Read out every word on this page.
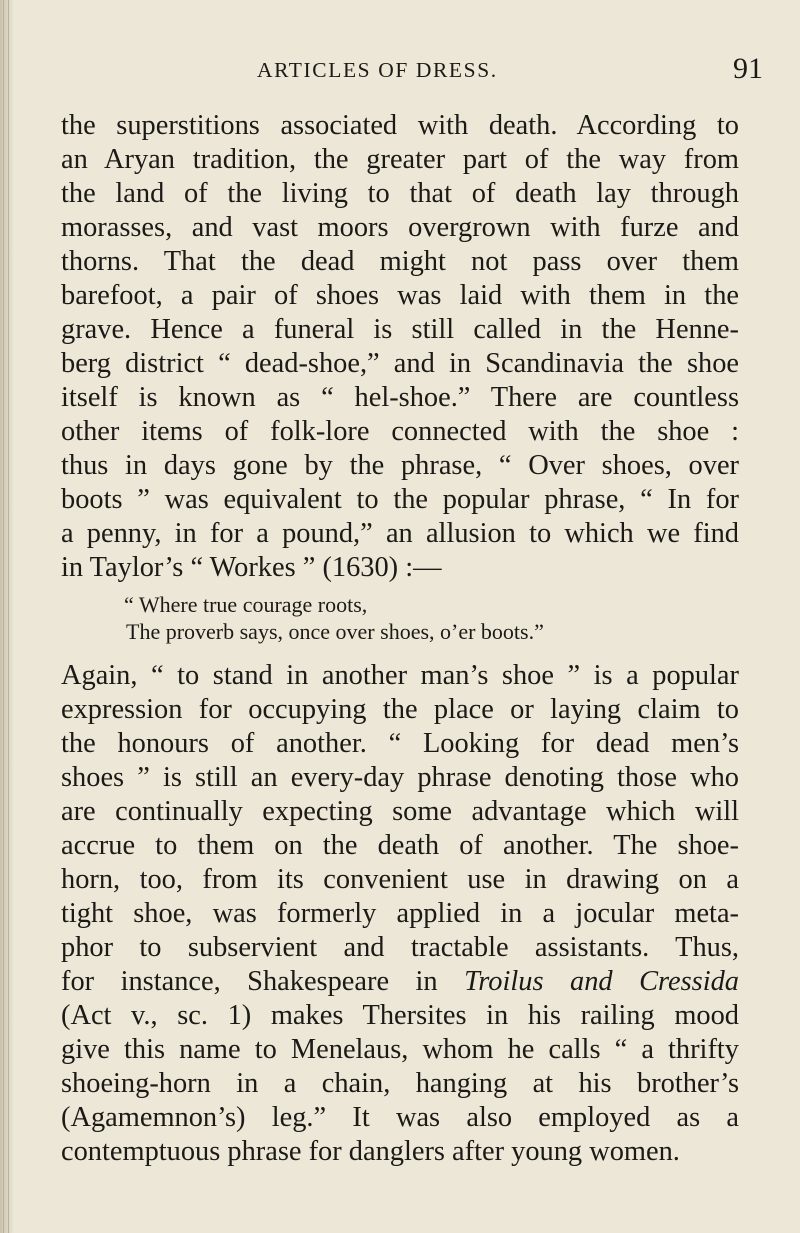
ARTICLES OF DRESS.	91
the superstitions associated with death. According to
an Aryan tradition, the greater part of the way from
the land of the living to that of death lay through
morasses, and vast moors overgrown with furze and
thorns. That the dead might not pass over them
barefoot, a pair of shoes was laid with them in the
grave. Hence a funeral is still called in the Henne-
berg district “ dead-shoe,” and in Scandinavia the shoe
itself is known as “ hel-shoe.” There are countless
other items of folk-lore connected with the shoe :
thus in days gone by the phrase, “ Over shoes, over
boots ” was equivalent to the popular phrase, “ In for
a penny, in for a pound,” an allusion to which we find
in Taylor’s “ Workes ” (1630) :—
“ Where true courage roots,
The proverb says, once over shoes, o’er boots.”
Again, “ to stand in another man’s shoe ” is a popular
expression for occupying the place or laying claim to
the honours of another. “ Looking for dead men’s
shoes ” is still an every-day phrase denoting those who
are continually expecting some advantage which will
accrue to them on the death of another. The shoe-
horn, too, from its convenient use in drawing on a
tight shoe, was formerly applied in a jocular meta-
phor to subservient and tractable assistants. Thus,
for instance, Shakespeare in Troilus and Cressida
(Act v., sc. 1) makes Thersites in his railing mood
give this name to Menelaus, whom he calls “ a thrifty
shoeing-horn in a chain, hanging at his brother’s
(Agamemnon’s) leg.” It was also employed as a
contemptuous phrase for danglers after young women.
